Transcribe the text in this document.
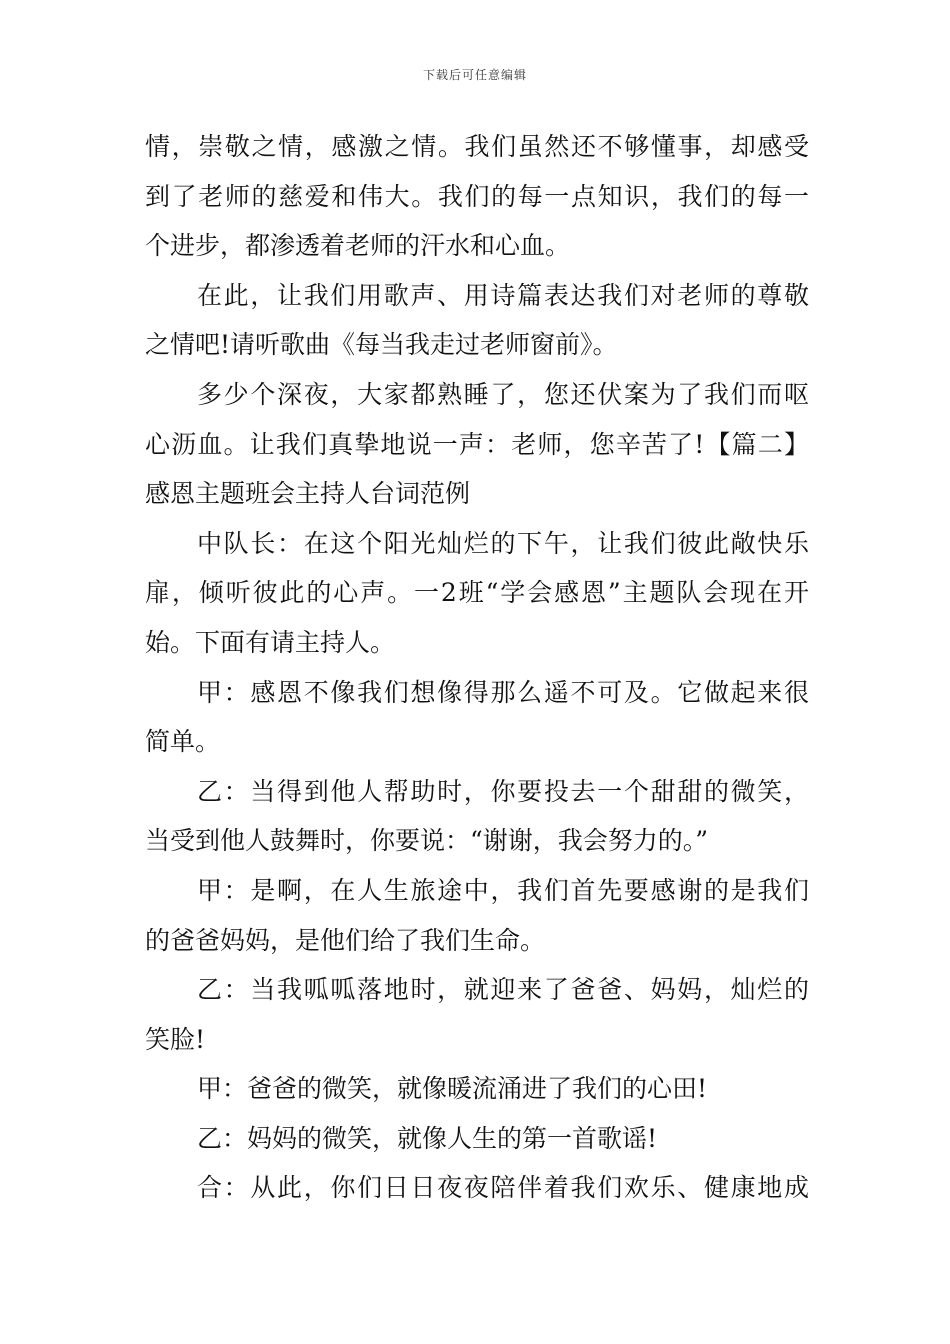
下载后可任意编辑
情，崇敬之情，感激之情。我们虽然还不够懂事，却感受
到了老师的慈爱和伟大。我们的每一点知识，我们的每一
个进步，都渗透着老师的汗水和心血。
在此，让我们用歌声、用诗篇表达我们对老师的尊敬
之情吧!请听歌曲《每当我走过老师窗前》。
多少个深夜，大家都熟睡了，您还伏案为了我们而呕
心沥血。让我们真挚地说一声：老师，您辛苦了!【篇二】
感恩主题班会主持人台词范例
中队长：在这个阳光灿烂的下午，让我们彼此敞快乐
扉，倾听彼此的心声。一2班“学会感恩”主题队会现在开
始。下面有请主持人。
甲：感恩不像我们想像得那么遥不可及。它做起来很
简单。
乙：当得到他人帮助时，你要投去一个甜甜的微笑，
当受到他人鼓舞时，你要说：“谢谢，我会努力的。”
甲：是啊，在人生旅途中，我们首先要感谢的是我们
的爸爸妈妈，是他们给了我们生命。
乙：当我呱呱落地时，就迎来了爸爸、妈妈，灿烂的
笑脸!
甲：爸爸的微笑，就像暖流涌进了我们的心田!
乙：妈妈的微笑，就像人生的第一首歌谣!
合：从此，你们日日夜夜陪伴着我们欢乐、健康地成
